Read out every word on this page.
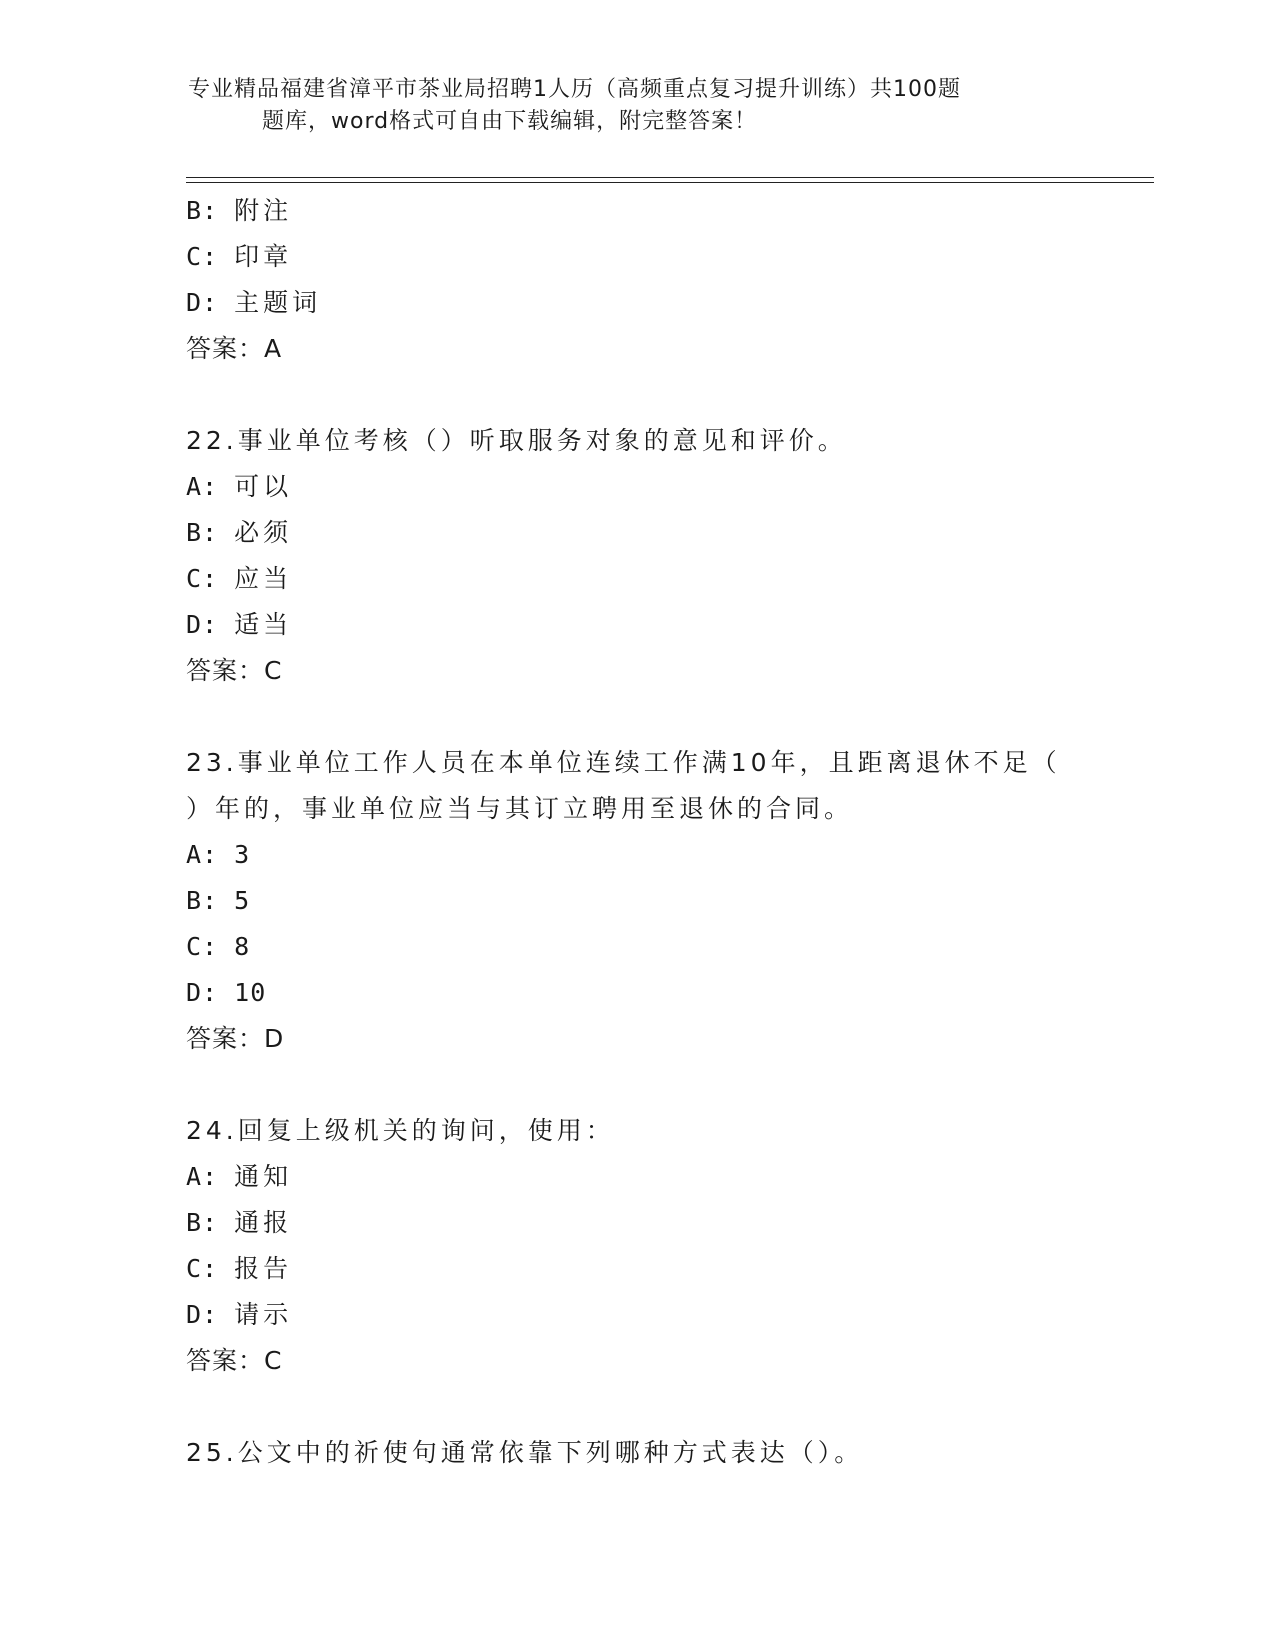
专业精品福建省漳平市茶业局招聘1人历（高频重点复习提升训练）共100题
题库，word格式可自由下载编辑，附完整答案！
B: 附注
C: 印章
D: 主题词
答案：A
22.事业单位考核（）听取服务对象的意见和评价。
A: 可以
B: 必须
C: 应当
D: 适当
答案：C
23.事业单位工作人员在本单位连续工作满10年，且距离退休不足（
）年的，事业单位应当与其订立聘用至退休的合同。
A: 3
B: 5
C: 8
D: 10
答案：D
24.回复上级机关的询问，使用：
A: 通知
B: 通报
C: 报告
D: 请示
答案：C
25.公文中的祈使句通常依靠下列哪种方式表达（）。
